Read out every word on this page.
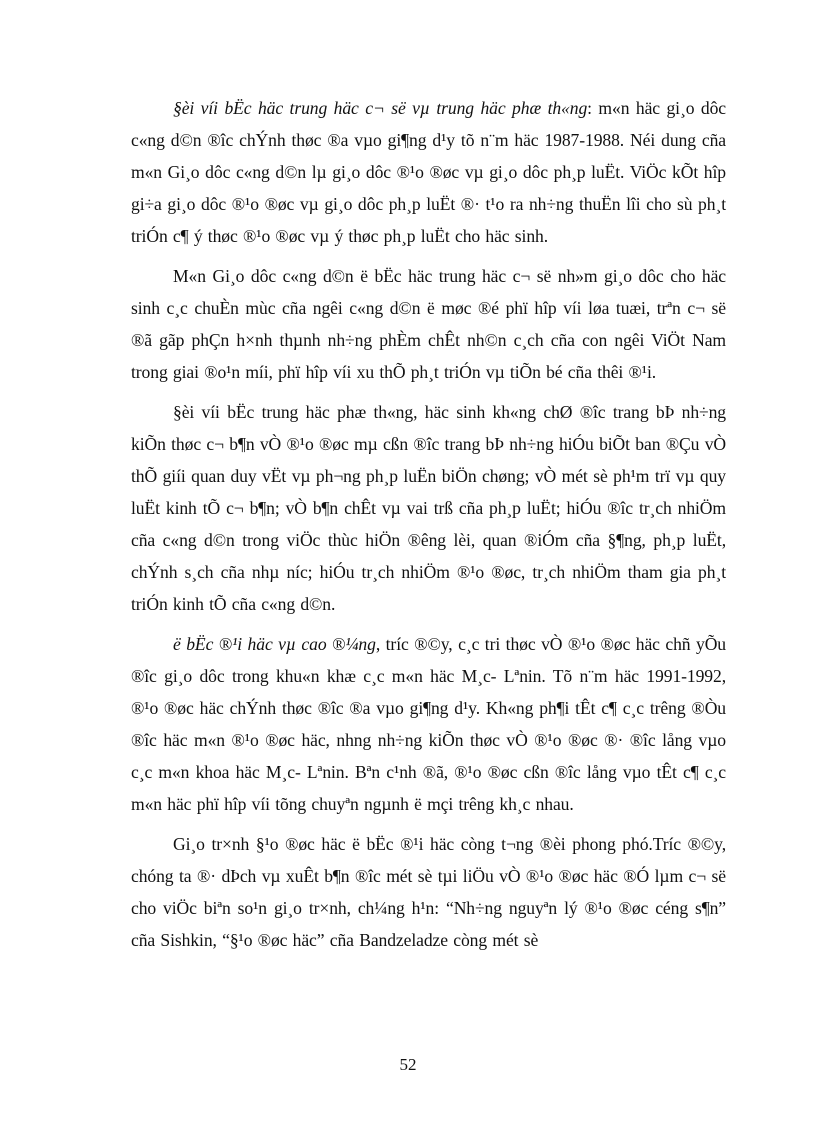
§èi víi bËc häc trung häc c¬ së vµ trung häc phæ th«ng: m«n häc gi¸o dôc c«ng d©n ®îc chÝnh thøc ®a vµo gi¶ng d¹y tõ n¨m häc 1987-1988. Néi dung cña m«n Gi¸o dôc c«ng d©n lµ gi¸o dôc ®¹o ®øc vµ gi¸o dôc ph¸p luËt. ViÖc kÕt hîp gi÷a gi¸o dôc ®¹o ®øc vµ gi¸o dôc ph¸p luËt ®· t¹o ra nh÷ng thuËn lîi cho sù ph¸t triÓn c¶ ý thøc ®¹o ®øc vµ ý thøc ph¸p luËt cho häc sinh.

M«n Gi¸o dôc c«ng d©n ë bËc häc trung häc c¬ së nh»m gi¸o dôc cho häc sinh c¸c chuÈn mùc cña ngêi c«ng d©n ë møc ®é phï hîp víi løa tuæi, trªn c¬ së ®ã gãp phÇn h×nh thµnh nh÷ng phÈm chÊt nh©n c¸ch cña con ngêi ViÖt Nam trong giai ®o¹n míi, phï hîp víi xu thÕ ph¸t triÓn vµ tiÕn bé cña thêi ®¹i.

§èi víi bËc trung häc phæ th«ng, häc sinh kh«ng chØ ®îc trang bÞ nh÷ng kiÕn thøc c¬ b¶n vÒ ®¹o ®øc mµ cßn ®îc trang bÞ nh÷ng hiÓu biÕt ban ®Çu vÒ thÕ giíi quan duy vËt vµ ph¬ng ph¸p luËn biÖn chøng; vÒ mét sè ph¹m trï vµ quy luËt kinh tÕ c¬ b¶n; vÒ b¶n chÊt vµ vai trß cña ph¸p luËt; hiÓu ®îc tr¸ch nhiÖm cña c«ng d©n trong viÖc thùc hiÖn ®êng lèi, quan ®iÓm cña §¶ng, ph¸p luËt, chÝnh s¸ch cña nhµ níc; hiÓu tr¸ch nhiÖm ®¹o ®øc, tr¸ch nhiÖm tham gia ph¸t triÓn kinh tÕ cña c«ng d©n.

ë bËc ®¹i häc vµ cao ®¼ng, tríc ®©y, c¸c tri thøc vÒ ®¹o ®øc häc chñ yÕu ®îc gi¸o dôc trong khu«n khæ c¸c m«n häc M¸c- Lªnin. Tõ n¨m häc 1991-1992, ®¹o ®øc häc chÝnh thøc ®îc ®a vµo gi¶ng d¹y. Kh«ng ph¶i tÊt c¶ c¸c trêng ®Òu ®îc häc m«n ®¹o ®øc häc, nhng nh÷ng kiÕn thøc vÒ ®¹o ®øc ®· ®îc lång vµo c¸c m«n khoa häc M¸c- Lªnin. Bªn c¹nh ®ã, ®¹o ®øc cßn ®îc lång vµo tÊt c¶ c¸c m«n häc phï hîp víi tõng chuyªn ngµnh ë mçi trêng kh¸c nhau.

Gi¸o tr×nh §¹o ®øc häc ë bËc ®¹i häc còng t¬ng ®èi phong phó.Tríc ®©y, chóng ta ®· dÞch vµ xuÊt b¶n ®îc mét sè tµi liÖu vÒ ®¹o ®øc häc ®Ó lµm c¬ së cho viÖc biªn so¹n gi¸o tr×nh, ch¼ng h¹n: “Nh÷ng nguyªn lý ®¹o ®øc céng s¶n” cña Sishkin, “§¹o ®øc häc” cña Bandzeladze còng mét sè

52
